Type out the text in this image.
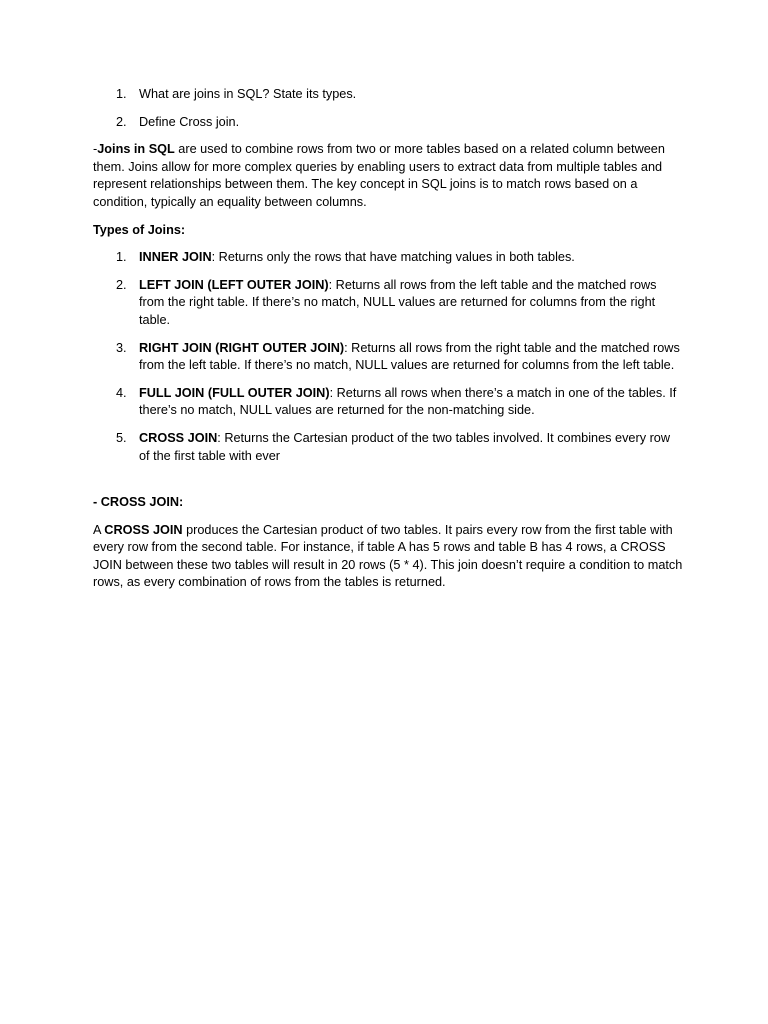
1. What are joins in SQL? State its types.
2. Define Cross join.

-Joins in SQL are used to combine rows from two or more tables based on a related column between them. Joins allow for more complex queries by enabling users to extract data from multiple tables and represent relationships between them. The key concept in SQL joins is to match rows based on a condition, typically an equality between columns.

Types of Joins:

1. INNER JOIN: Returns only the rows that have matching values in both tables.
2. LEFT JOIN (LEFT OUTER JOIN): Returns all rows from the left table and the matched rows from the right table. If there’s no match, NULL values are returned for columns from the right table.
3. RIGHT JOIN (RIGHT OUTER JOIN): Returns all rows from the right table and the matched rows from the left table. If there’s no match, NULL values are returned for columns from the left table.
4. FULL JOIN (FULL OUTER JOIN): Returns all rows when there’s a match in one of the tables. If there’s no match, NULL values are returned for the non-matching side.
5. CROSS JOIN: Returns the Cartesian product of the two tables involved. It combines every row of the first table with ever

- CROSS JOIN:

A CROSS JOIN produces the Cartesian product of two tables. It pairs every row from the first table with every row from the second table. For instance, if table A has 5 rows and table B has 4 rows, a CROSS JOIN between these two tables will result in 20 rows (5 * 4). This join doesn’t require a condition to match rows, as every combination of rows from the tables is returned.
